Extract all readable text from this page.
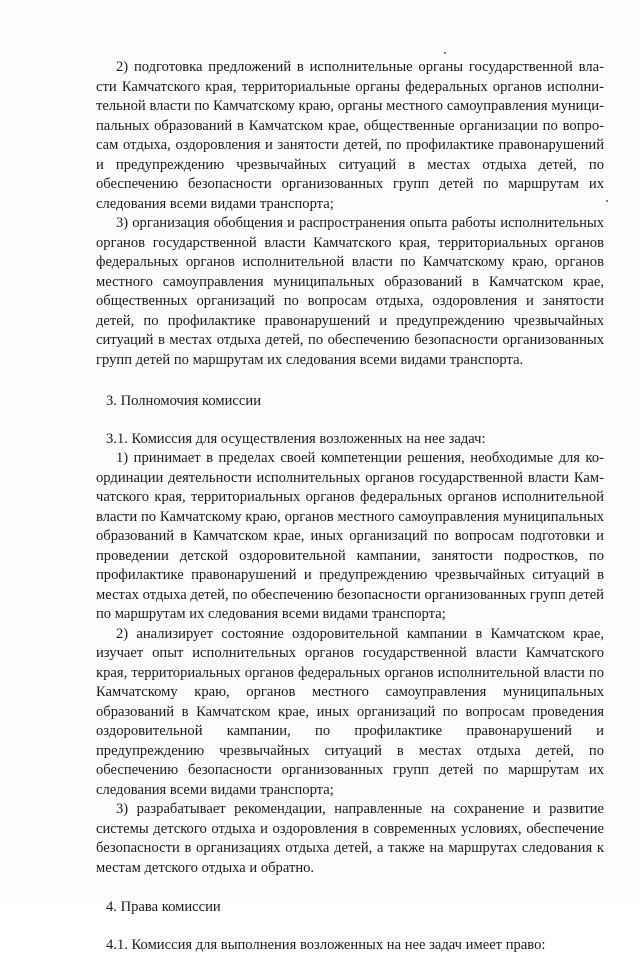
2) подготовка предложений в исполнительные органы государственной власти Камчатского края, территориальные органы федеральных органов исполнительной власти по Камчатскому краю, органы местного самоуправления муниципальных образований в Камчатском крае, общественные организации по вопросам отдыха, оздоровления и занятости детей, по профилактике правонарушений и предупреждению чрезвычайных ситуаций в местах отдыха детей, по обеспечению безопасности организованных групп детей по маршрутам их следования всеми видами транспорта;

3) организация обобщения и распространения опыта работы исполнительных органов государственной власти Камчатского края, территориальных органов федеральных органов исполнительной власти по Камчатскому краю, органов местного самоуправления муниципальных образований в Камчатском крае, общественных организаций по вопросам отдыха, оздоровления и занятости детей, по профилактике правонарушений и предупреждению чрезвычайных ситуаций в местах отдыха детей, по обеспечению безопасности организованных групп детей по маршрутам их следования всеми видами транспорта.

3. Полномочия комиссии

3.1. Комиссия для осуществления возложенных на нее задач:

1) принимает в пределах своей компетенции решения, необходимые для координации деятельности исполнительных органов государственной власти Камчатского края, территориальных органов федеральных органов исполнительной власти по Камчатскому краю, органов местного самоуправления муниципальных образований в Камчатском крае, иных организаций по вопросам подготовки и проведении детской оздоровительной кампании, занятости подростков, по профилактике правонарушений и предупреждению чрезвычайных ситуаций в местах отдыха детей, по обеспечению безопасности организованных групп детей по маршрутам их следования всеми видами транспорта;

2) анализирует состояние оздоровительной кампании в Камчатском крае, изучает опыт исполнительных органов государственной власти Камчатского края, территориальных органов федеральных органов исполнительной власти по Камчатскому краю, органов местного самоуправления муниципальных образований в Камчатском крае, иных организаций по вопросам проведения оздоровительной кампании, по профилактике правонарушений и предупреждению чрезвычайных ситуаций в местах отдыха детей, по обеспечению безопасности организованных групп детей по маршрутам их следования всеми видами транспорта;

3) разрабатывает рекомендации, направленные на сохранение и развитие системы детского отдыха и оздоровления в современных условиях, обеспечение безопасности в организациях отдыха детей, а также на маршрутах следования к местам детского отдыха и обратно.

4. Права комиссии

4.1. Комиссия для выполнения возложенных на нее задач имеет право:
